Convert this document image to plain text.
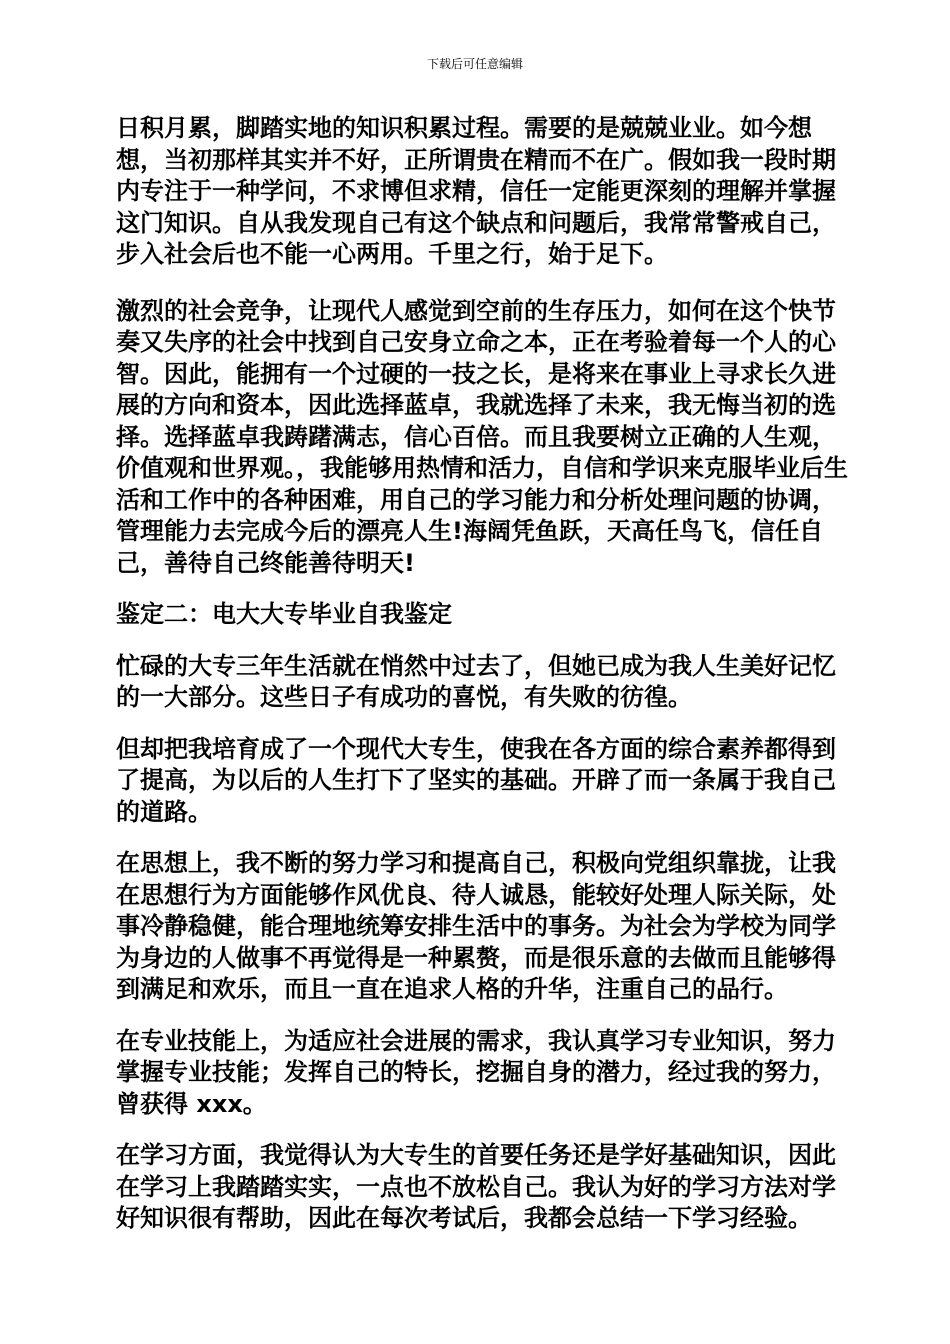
下载后可任意编辑

日积月累，脚踏实地的知识积累过程。需要的是兢兢业业。如今想想，当初那样其实并不好，正所谓贵在精而不在广。假如我一段时期内专注于一种学问，不求博但求精，信任一定能更深刻的理解并掌握这门知识。自从我发现自己有这个缺点和问题后，我常常警戒自己，步入社会后也不能一心两用。千里之行，始于足下。

激烈的社会竞争，让现代人感觉到空前的生存压力，如何在这个快节奏又失序的社会中找到自己安身立命之本，正在考验着每一个人的心智。因此，能拥有一个过硬的一技之长，是将来在事业上寻求长久进展的方向和资本，因此选择蓝卓，我就选择了未来，我无悔当初的选择。选择蓝卓我踌躇满志，信心百倍。而且我要树立正确的人生观，价值观和世界观。，我能够用热情和活力，自信和学识来克服毕业后生活和工作中的各种困难，用自己的学习能力和分析处理问题的协调，管理能力去完成今后的漂亮人生!海阔凭鱼跃，天高任鸟飞，信任自己，善待自己终能善待明天!

鉴定二：电大大专毕业自我鉴定

忙碌的大专三年生活就在悄然中过去了，但她已成为我人生美好记忆的一大部分。这些日子有成功的喜悦，有失败的彷徨。

但却把我培育成了一个现代大专生，使我在各方面的综合素养都得到了提高，为以后的人生打下了坚实的基础。开辟了而一条属于我自己的道路。

在思想上，我不断的努力学习和提高自己，积极向党组织靠拢，让我在思想行为方面能够作风优良、待人诚恳，能较好处理人际关际，处事冷静稳健，能合理地统筹安排生活中的事务。为社会为学校为同学为身边的人做事不再觉得是一种累赘，而是很乐意的去做而且能够得到满足和欢乐，而且一直在追求人格的升华，注重自己的品行。

在专业技能上，为适应社会进展的需求，我认真学习专业知识，努力掌握专业技能；发挥自己的特长，挖掘自身的潜力，经过我的努力，曾获得 xxx。

在学习方面，我觉得认为大专生的首要任务还是学好基础知识，因此在学习上我踏踏实实，一点也不放松自己。我认为好的学习方法对学好知识很有帮助，因此在每次考试后，我都会总结一下学习经验。
